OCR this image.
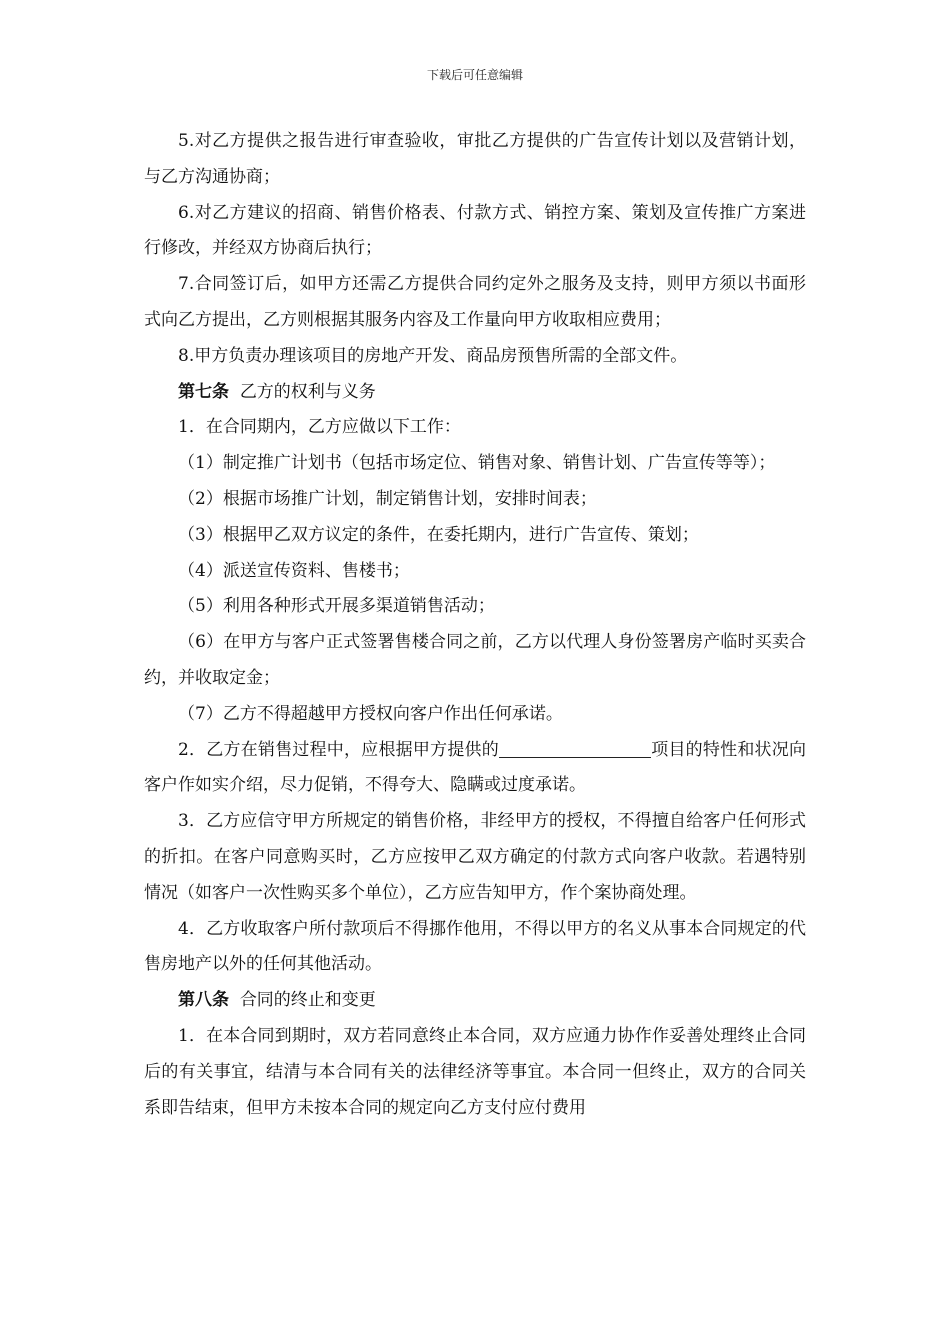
下载后可任意编辑

5.对乙方提供之报告进行审查验收，审批乙方提供的广告宣传计划以及营销计划，与乙方沟通协商；

6.对乙方建议的招商、销售价格表、付款方式、销控方案、策划及宣传推广方案进行修改，并经双方协商后执行；

7.合同签订后，如甲方还需乙方提供合同约定外之服务及支持，则甲方须以书面形式向乙方提出，乙方则根据其服务内容及工作量向甲方收取相应费用；

8.甲方负责办理该项目的房地产开发、商品房预售所需的全部文件。

第七条 乙方的权利与义务

1．在合同期内，乙方应做以下工作：

（1）制定推广计划书（包括市场定位、销售对象、销售计划、广告宣传等等）；

（2）根据市场推广计划，制定销售计划，安排时间表；

（3）根据甲乙双方议定的条件，在委托期内，进行广告宣传、策划；

（4）派送宣传资料、售楼书；

（5）利用各种形式开展多渠道销售活动；

（6）在甲方与客户正式签署售楼合同之前，乙方以代理人身份签署房产临时买卖合约，并收取定金；

（7）乙方不得超越甲方授权向客户作出任何承诺。

2．乙方在销售过程中，应根据甲方提供的	项目的特性和状况向客户作如实介绍，尽力促销，不得夸大、隐瞒或过度承诺。

3．乙方应信守甲方所规定的销售价格，非经甲方的授权，不得擅自给客户任何形式的折扣。在客户同意购买时，乙方应按甲乙双方确定的付款方式向客户收款。若遇特别情况（如客户一次性购买多个单位），乙方应告知甲方，作个案协商处理。

4．乙方收取客户所付款项后不得挪作他用，不得以甲方的名义从事本合同规定的代售房地产以外的任何其他活动。

第八条 合同的终止和变更

1．在本合同到期时，双方若同意终止本合同，双方应通力协作作妥善处理终止合同后的有关事宜，结清与本合同有关的法律经济等事宜。本合同一但终止，双方的合同关系即告结束，但甲方未按本合同的规定向乙方支付应付费用
